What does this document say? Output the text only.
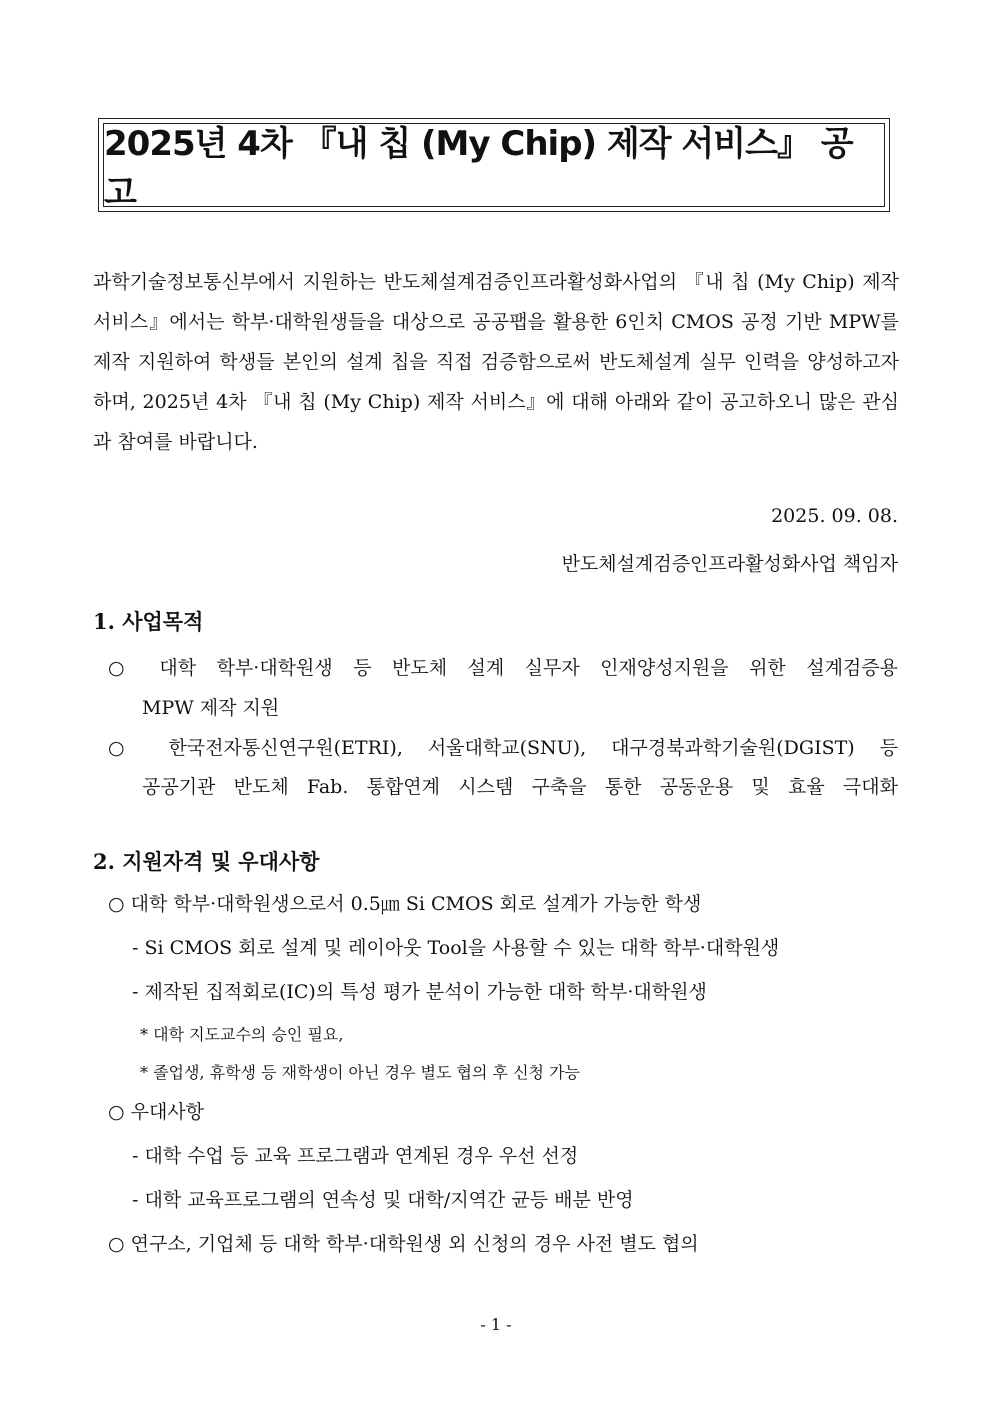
2025년 4차 『내 칩 (My Chip) 제작 서비스』 공고

과학기술정보통신부에서 지원하는 반도체설계검증인프라활성화사업의 『내 칩 (My Chip) 제작 서비스』에서는 학부·대학원생들을 대상으로 공공팹을 활용한 6인치 CMOS 공정 기반 MPW를 제작 지원하여 학생들 본인의 설계 칩을 직접 검증함으로써 반도체설계 실무 인력을 양성하고자 하며, 2025년 4차 『내 칩 (My Chip) 제작 서비스』에 대해 아래와 같이 공고하오니 많은 관심과 참여를 바랍니다.

2025. 09. 08.
반도체설계검증인프라활성화사업 책임자
1. 사업목적
○ 대학 학부·대학원생 등 반도체 설계 실무자 인재양성지원을 위한 설계검증용
MPW 제작 지원
○ 한국전자통신연구원(ETRI), 서울대학교(SNU), 대구경북과학기술원(DGIST) 등
공공기관 반도체 Fab. 통합연계 시스템 구축을 통한 공동운용 및 효율 극대화
2. 지원자격 및 우대사항
○ 대학 학부·대학원생으로서 0.5㎛ Si CMOS 회로 설계가 가능한 학생
- Si CMOS 회로 설계 및 레이아웃 Tool을 사용할 수 있는 대학 학부·대학원생
- 제작된 집적회로(IC)의 특성 평가 분석이 가능한 대학 학부·대학원생
* 대학 지도교수의 승인 필요,
* 졸업생, 휴학생 등 재학생이 아닌 경우 별도 협의 후 신청 가능
○ 우대사항
- 대학 수업 등 교육 프로그램과 연계된 경우 우선 선정
- 대학 교육프로그램의 연속성 및 대학/지역간 균등 배분 반영
○ 연구소, 기업체 등 대학 학부·대학원생 외 신청의 경우 사전 별도 협의
- 1 -
